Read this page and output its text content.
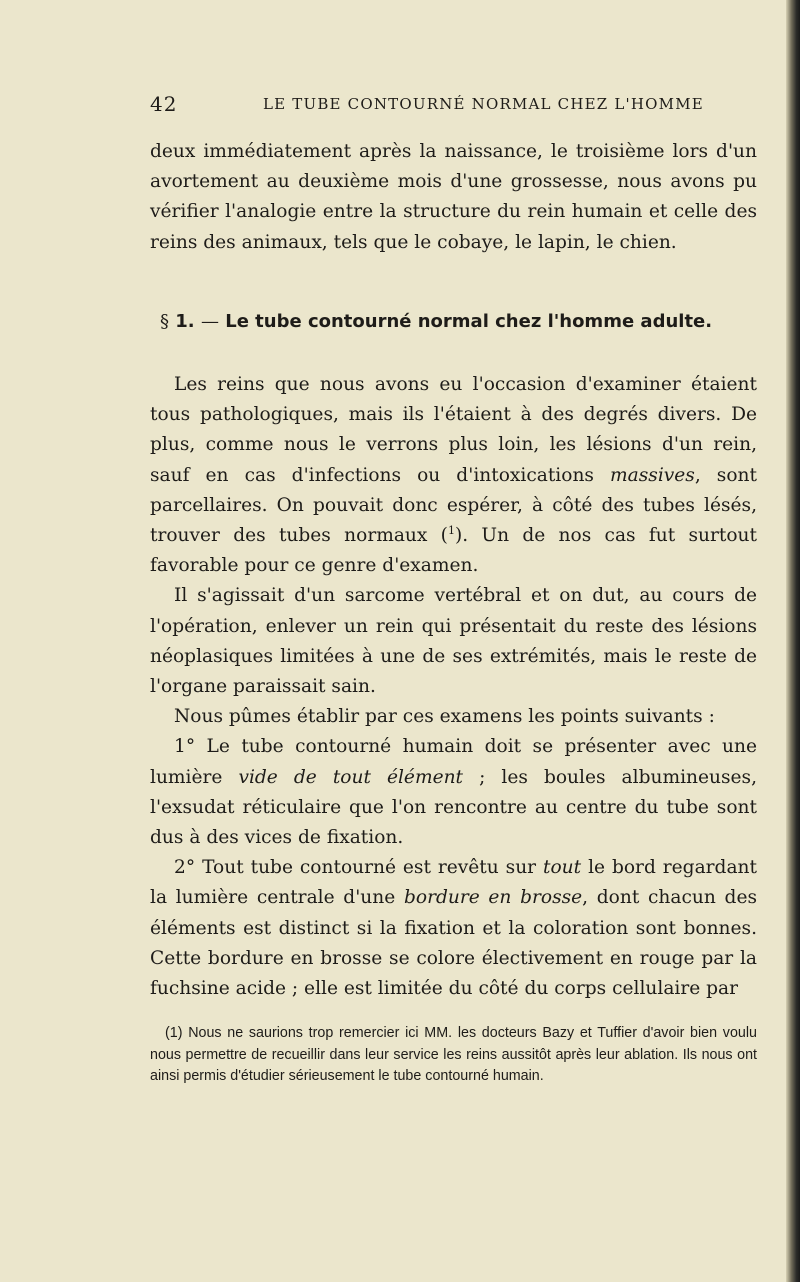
42	LE TUBE CONTOURNÉ NORMAL CHEZ L'HOMME

deux immédiatement après la naissance, le troisième lors d'un avortement au deuxième mois d'une grossesse, nous avons pu vérifier l'analogie entre la structure du rein humain et celle des reins des animaux, tels que le cobaye, le lapin, le chien.

§ 1. — Le tube contourné normal chez l'homme adulte.

Les reins que nous avons eu l'occasion d'examiner étaient tous pathologiques, mais ils l'étaient à des degrés divers. De plus, comme nous le verrons plus loin, les lésions d'un rein, sauf en cas d'infections ou d'intoxications massives, sont parcellaires. On pouvait donc espérer, à côté des tubes lésés, trouver des tubes normaux ($^1$). Un de nos cas fut surtout favorable pour ce genre d'examen.

Il s'agissait d'un sarcome vertébral et on dut, au cours de l'opération, enlever un rein qui présentait du reste des lésions néoplasiques limitées à une de ses extrémités, mais le reste de l'organe paraissait sain.

Nous pûmes établir par ces examens les points suivants :

1° Le tube contourné humain doit se présenter avec une lumière vide de tout élément ; les boules albumineuses, l'exsudat réticulaire que l'on rencontre au centre du tube sont dus à des vices de fixation.

2° Tout tube contourné est revêtu sur tout le bord regardant la lumière centrale d'une bordure en brosse, dont chacun des éléments est distinct si la fixation et la coloration sont bonnes. Cette bordure en brosse se colore électivement en rouge par la fuchsine acide ; elle est limitée du côté du corps cellulaire par

(1) Nous ne saurions trop remercier ici MM. les docteurs Bazy et Tuffier d'avoir bien voulu nous permettre de recueillir dans leur service les reins aussitôt après leur ablation. Ils nous ont ainsi permis d'étudier sérieusement le tube contourné humain.
